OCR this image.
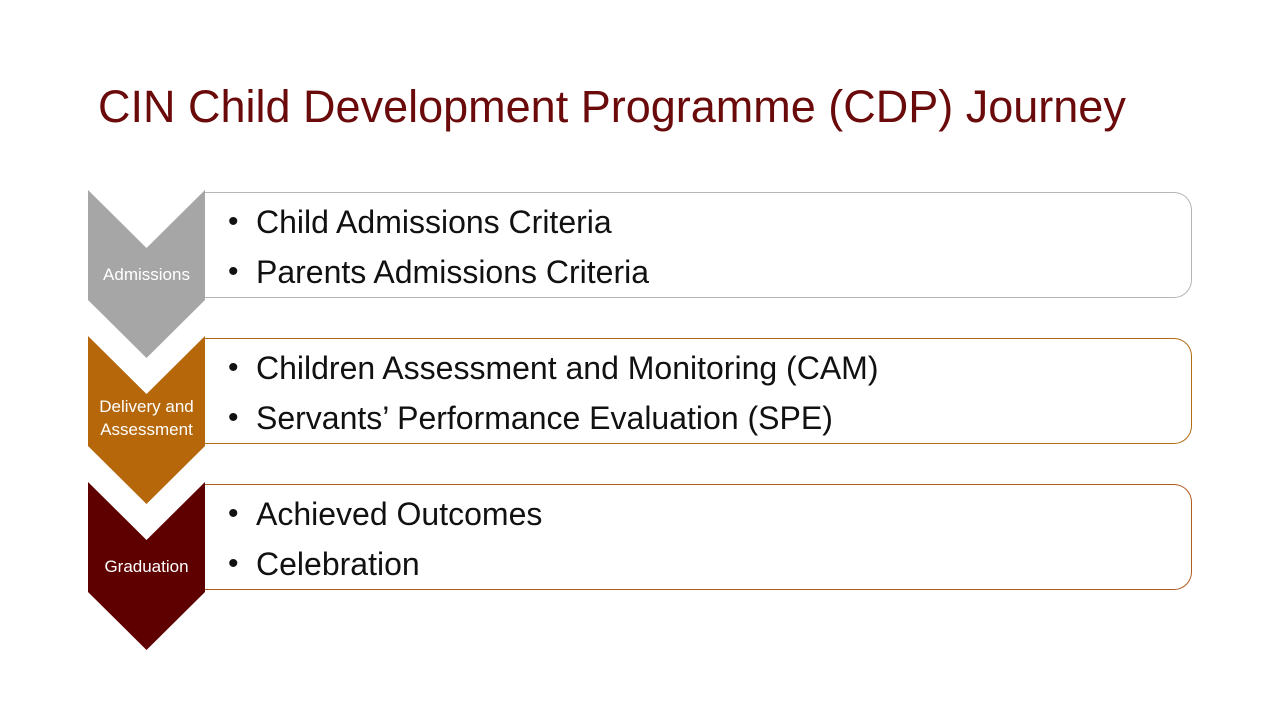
CIN Child Development Programme (CDP) Journey
• Child Admissions Criteria
• Parents Admissions Criteria
Admissions
• Children Assessment and Monitoring (CAM)
• Servants’ Performance Evaluation (SPE)
Delivery and
Assessment
• Achieved Outcomes
• Celebration
Graduation
